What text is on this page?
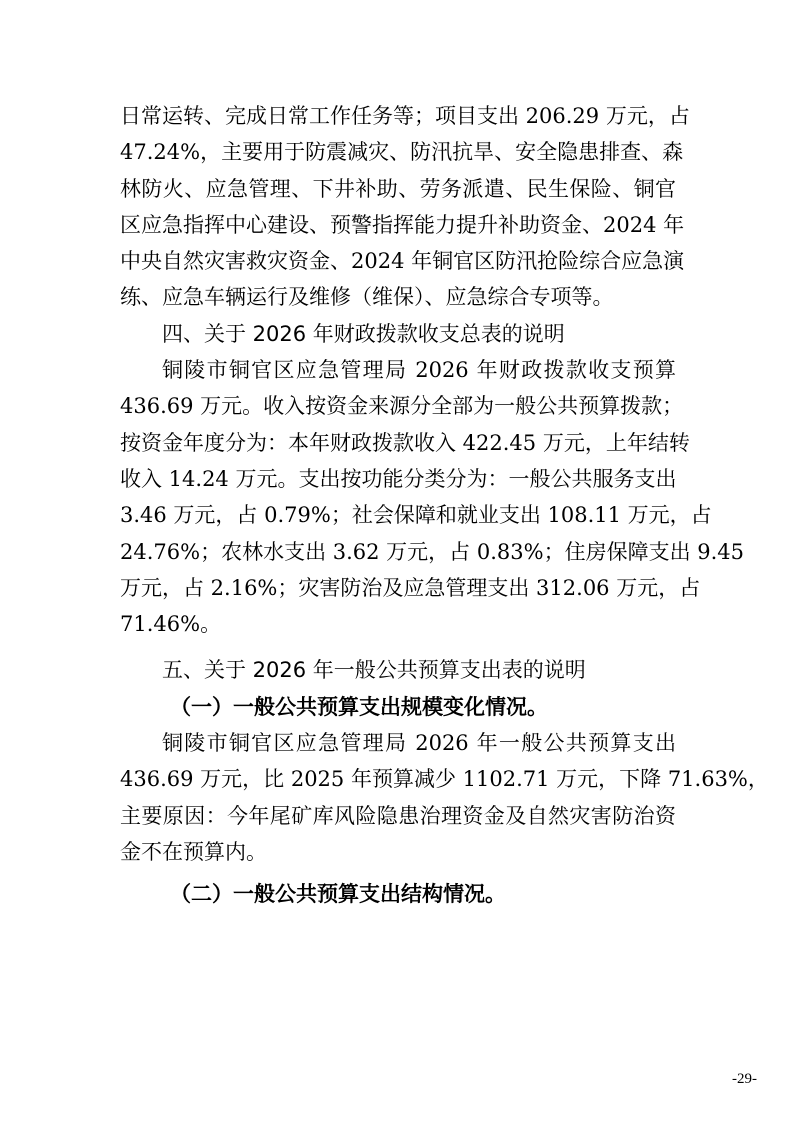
日常运转、完成日常工作任务等；项目支出 206.29 万元，占
47.24%，主要用于防震减灾、防汛抗旱、安全隐患排查、森
林防火、应急管理、下井补助、劳务派遣、民生保险、铜官
区应急指挥中心建设、预警指挥能力提升补助资金、2024 年
中央自然灾害救灾资金、2024 年铜官区防汛抢险综合应急演
练、应急车辆运行及维修（维保）、应急综合专项等。
四、关于 2026 年财政拨款收支总表的说明
铜陵市铜官区应急管理局 2026 年财政拨款收支预算
436.69 万元。收入按资金来源分全部为一般公共预算拨款；
按资金年度分为：本年财政拨款收入 422.45 万元，上年结转
收入 14.24 万元。支出按功能分类分为：一般公共服务支出
3.46 万元，占 0.79%；社会保障和就业支出 108.11 万元，占
24.76%；农林水支出 3.62 万元，占 0.83%；住房保障支出 9.45
万元，占 2.16%；灾害防治及应急管理支出 312.06 万元，占
71.46%。
五、关于 2026 年一般公共预算支出表的说明
（一）一般公共预算支出规模变化情况。
铜陵市铜官区应急管理局 2026 年一般公共预算支出
436.69 万元，比 2025 年预算减少 1102.71 万元，下降 71.63%，
主要原因：今年尾矿库风险隐患治理资金及自然灾害防治资
金不在预算内。
（二）一般公共预算支出结构情况。
-29-
